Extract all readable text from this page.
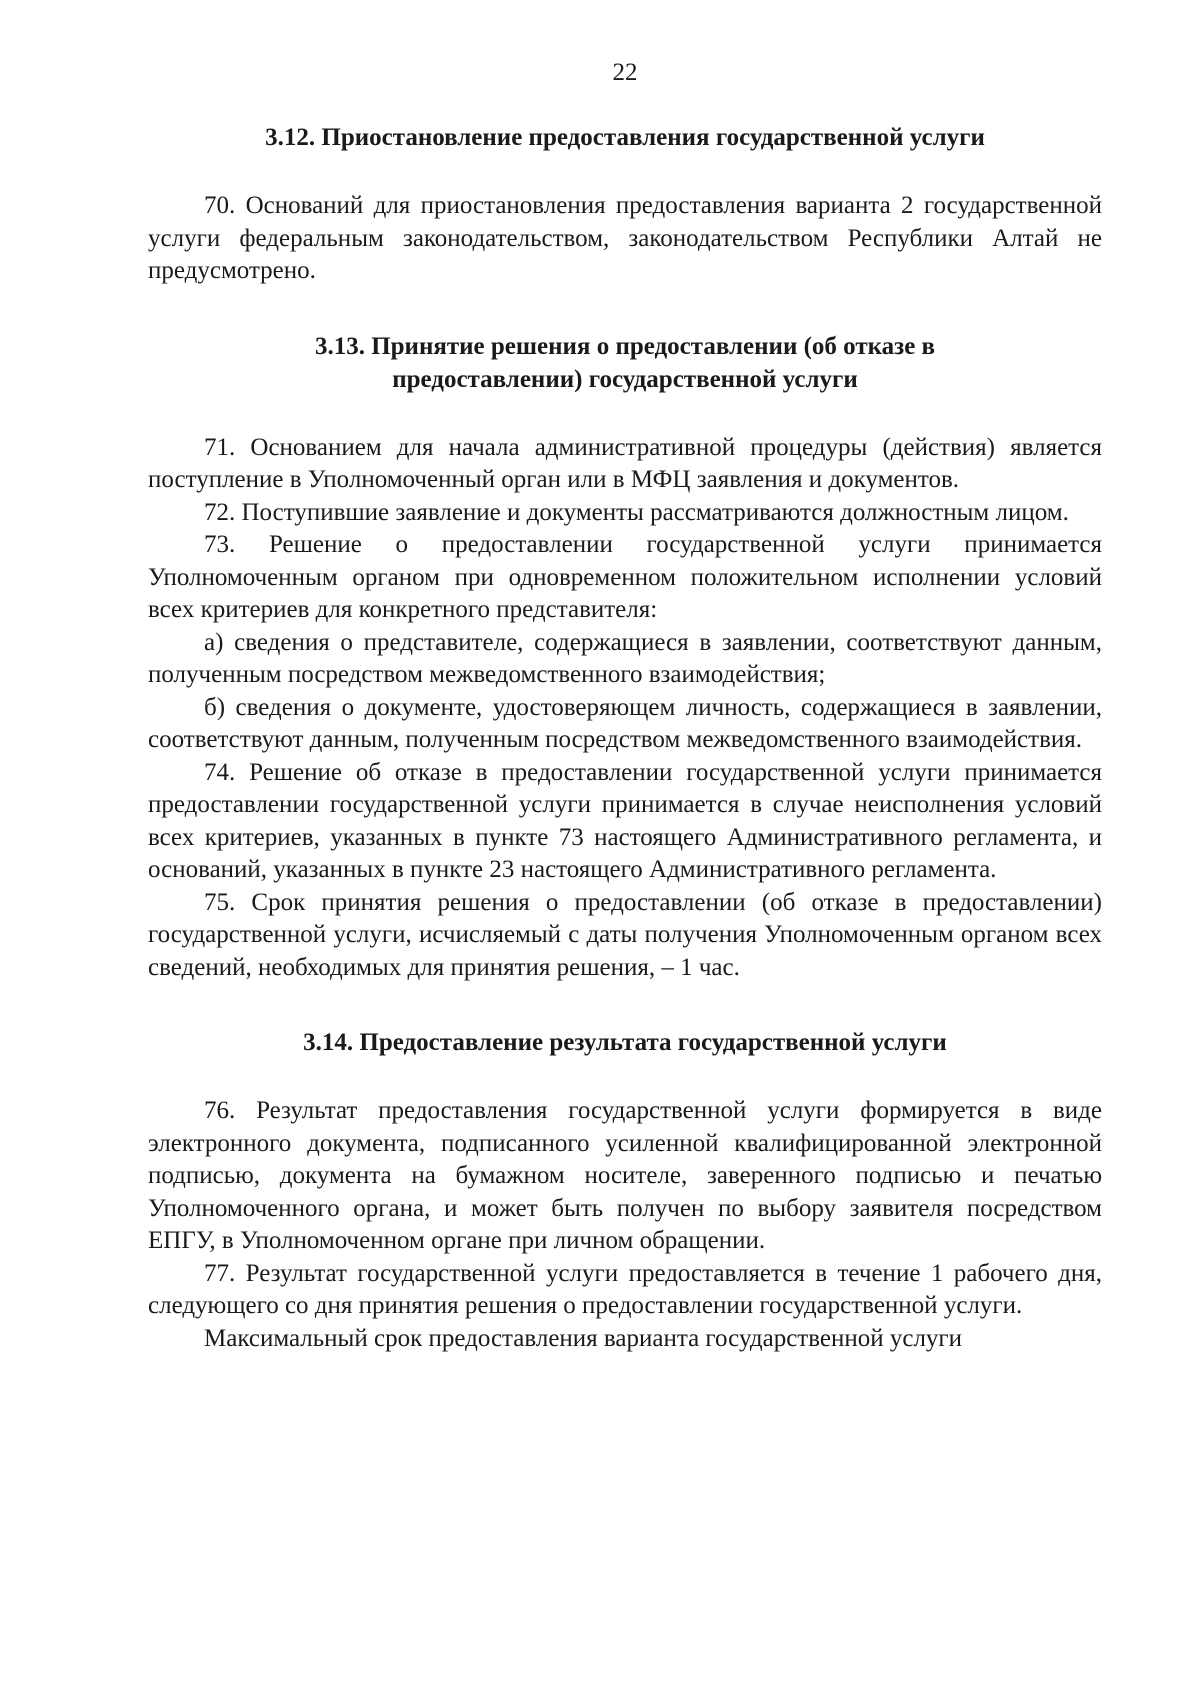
22
3.12. Приостановление предоставления государственной услуги

70. Оснований для приостановления предоставления варианта 2 государственной услуги федеральным законодательством, законодательством Республики Алтай не предусмотрено.

3.13. Принятие решения о предоставлении (об отказе в
предоставлении) государственной услуги

71. Основанием для начала административной процедуры (действия) является поступление в Уполномоченный орган или в МФЦ заявления и документов.

72. Поступившие заявление и документы рассматриваются должностным лицом.

73. Решение о предоставлении государственной услуги принимается Уполномоченным органом при одновременном положительном исполнении условий всех критериев для конкретного представителя:

а) сведения о представителе, содержащиеся в заявлении, соответствуют данным, полученным посредством межведомственного взаимодействия;

б) сведения о документе, удостоверяющем личность, содержащиеся в заявлении, соответствуют данным, полученным посредством межведомственного взаимодействия.

74. Решение об отказе в предоставлении государственной услуги принимается предоставлении государственной услуги принимается в случае неисполнения условий всех критериев, указанных в пункте 73 настоящего Административного регламента, и оснований, указанных в пункте 23 настоящего Административного регламента.

75. Срок принятия решения о предоставлении (об отказе в предоставлении) государственной услуги, исчисляемый с даты получения Уполномоченным органом всех сведений, необходимых для принятия решения, – 1 час.

3.14. Предоставление результата государственной услуги

76. Результат предоставления государственной услуги формируется в виде электронного документа, подписанного усиленной квалифицированной электронной подписью, документа на бумажном носителе, заверенного подписью и печатью Уполномоченного органа, и может быть получен по выбору заявителя посредством ЕПГУ, в Уполномоченном органе при личном обращении.

77. Результат государственной услуги предоставляется в течение 1 рабочего дня, следующего со дня принятия решения о предоставлении государственной услуги.

Максимальный срок предоставления варианта государственной услуги
